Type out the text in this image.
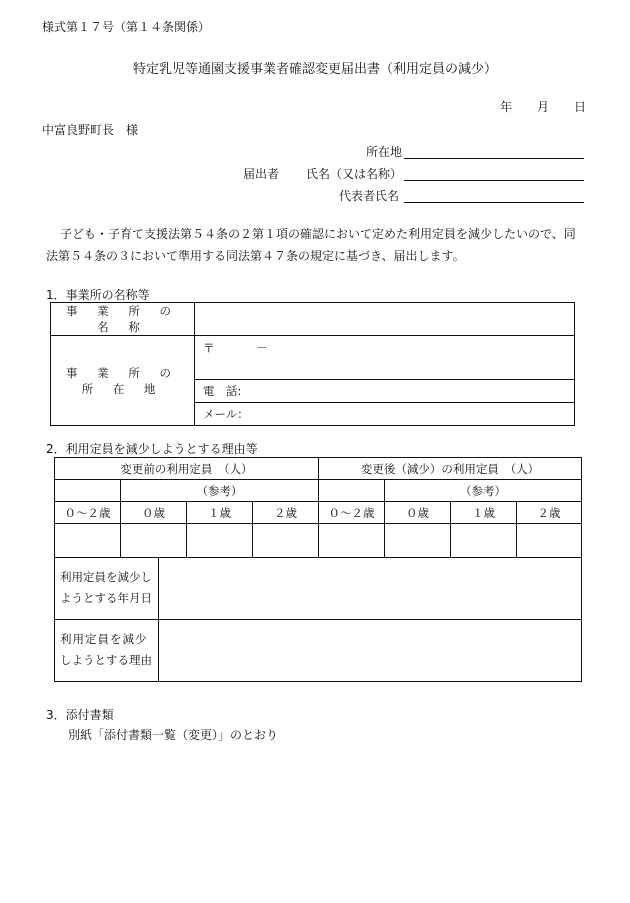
様式第１７号（第１４条関係）
特定乳児等通園支援事業者確認変更届出書（利用定員の減少）
年 月 日
中富良野町長　様
所在地
届出者 氏名（又は名称）
代表者氏名
子ども・子育て支援法第５４条の２第１項の確認において定めた利用定員を減少したいので、同
法第５４条の３において準用する同法第４７条の規定に基づき、届出します。
1．事業所の名称等
事 業 所 の 名 称	
事 業 所 の 所 在 地	〒 －
	電　話:
	メール：
2．利用定員を減少しようとする理由等
変更前の利用定員　（人）				変更後（減少）の利用定員　（人）			
	（参考）				（参考）		

０～２歳	０歳	１歳	２歳	０～２歳	０歳	１歳	２歳

利用定員を減少し
ようとする年月日	

利用定員を減少
しようとする理由	

3．添付書類
別紙「添付書類一覧（変更）」のとおり
